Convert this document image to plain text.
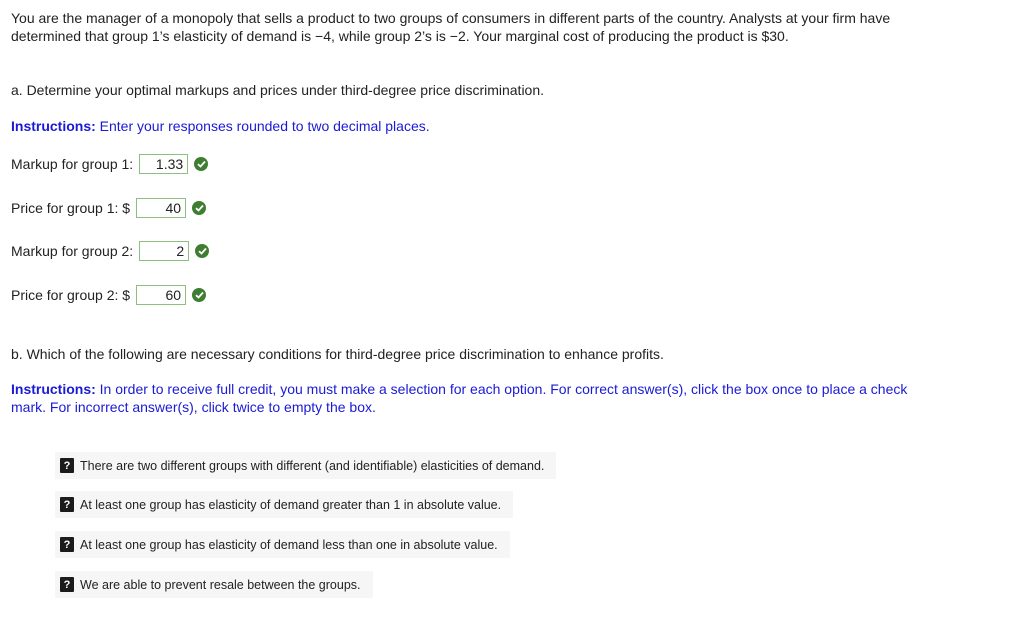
You are the manager of a monopoly that sells a product to two groups of consumers in different parts of the country. Analysts at your firm have determined that group 1’s elasticity of demand is −4, while group 2’s is −2. Your marginal cost of producing the product is $30.

a. Determine your optimal markups and prices under third-degree price discrimination.

Instructions: Enter your responses rounded to two decimal places.

Markup for group 1:	1.33
Price for group 1: $	40
Markup for group 2:	2
Price for group 2: $	60

b. Which of the following are necessary conditions for third-degree price discrimination to enhance profits.

Instructions: In order to receive full credit, you must make a selection for each option. For correct answer(s), click the box once to place a check mark. For incorrect answer(s), click twice to empty the box.

? There are two different groups with different (and identifiable) elasticities of demand.
? At least one group has elasticity of demand greater than 1 in absolute value.
? At least one group has elasticity of demand less than one in absolute value.
? We are able to prevent resale between the groups.
